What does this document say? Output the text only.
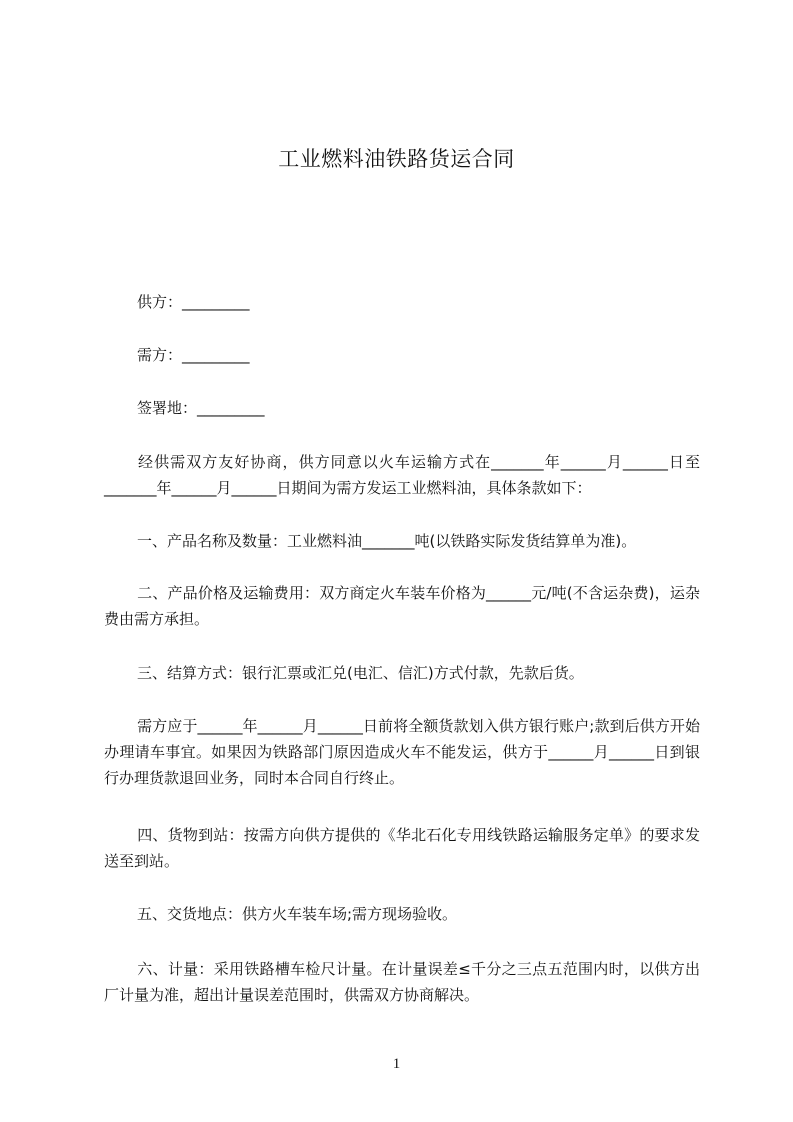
工业燃料油铁路货运合同
供方：_________
需方：_________
签署地：_________

经供需双方友好协商，供方同意以火车运输方式在_______年______月______日至_______年______月______日期间为需方发运工业燃料油，具体条款如下：

一、产品名称及数量：工业燃料油_______吨(以铁路实际发货结算单为准)。

二、产品价格及运输费用：双方商定火车装车价格为______元/吨(不含运杂费)，运杂费由需方承担。

三、结算方式：银行汇票或汇兑(电汇、信汇)方式付款，先款后货。

需方应于______年______月______日前将全额货款划入供方银行账户;款到后供方开始办理请车事宜。如果因为铁路部门原因造成火车不能发运，供方于______月______日到银行办理货款退回业务，同时本合同自行终止。

四、货物到站：按需方向供方提供的《华北石化专用线铁路运输服务定单》的要求发送至到站。

五、交货地点：供方火车装车场;需方现场验收。

六、计量：采用铁路槽车检尺计量。在计量误差≤千分之三点五范围内时，以供方出厂计量为准，超出计量误差范围时，供需双方协商解决。

1
